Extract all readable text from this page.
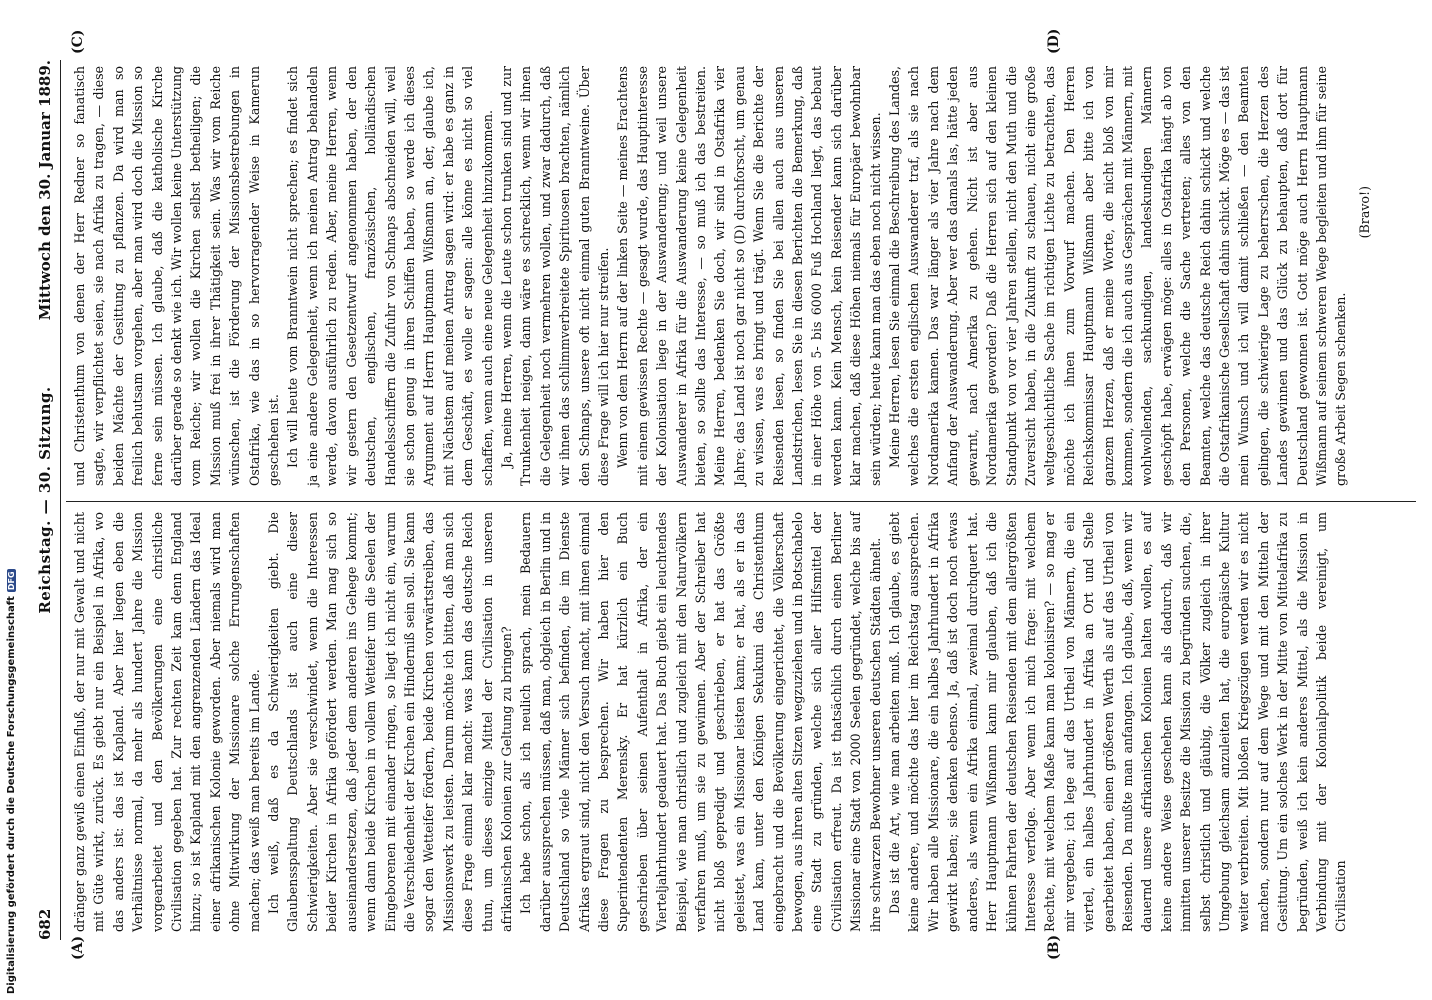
682
Reichstag. — 30. Sitzung.
Mittwoch den 30. Januar 1889.
(A)	(B)
(C)	(D)

dränger ganz gewiß einen Einfluß, der nur mit Gewalt und nicht mit Güte wirkt, zurück. Es giebt nur ein Beispiel in Afrika, wo das anders ist: das ist Kapland. Aber hier liegen eben die Verhältnisse normal, da mehr als hundert Jahre die Mission vorgearbeitet und den Bevölkerungen eine christliche Civilisation gegeben hat. Zur rechten Zeit kam denn England hinzu; so ist Kapland mit den angrenzenden Ländern das Ideal einer afrikanischen Kolonie geworden. Aber niemals wird man ohne Mitwirkung der Missionare solche Errungenschaften machen; das weiß man bereits im Lande. Ich weiß, daß es da Schwierigkeiten giebt. Die Glaubensspaltung Deutschlands ist auch eine dieser Schwierigkeiten. Aber sie verschwindet, wenn die Interessen beider Kirchen in Afrika gefördert werden. Man mag sich so auseinandersetzen, daß jeder dem anderen ins Gehege kommt; wenn dann beide Kirchen in vollem Wetteifer um die Seelen der Eingeborenen mit einander ringen, so liegt ich nicht ein, warum die Verschiedenheit der Kirchen ein Hinderniß sein soll. Sie kann sogar den Wetteifer fördern, beide Kirchen vorwärtstreiben, das Missionswerk zu leisten. Darum möchte ich bitten, daß man sich diese Frage einmal klar macht: was kann das deutsche Reich thun, um dieses einzige Mittel der Civilisation in unseren afrikanischen Kolonien zur Geltung zu bringen? Ich habe schon, als ich neulich sprach, mein Bedauern darüber aussprechen müssen, daß man, obgleich in Berlin und in Deutschland so viele Männer sich befinden, die im Dienste Afrikas ergraut sind, nicht den Versuch macht, mit ihnen einmal diese Fragen zu besprechen. Wir haben hier den Superintendenten Merensky. Er hat kürzlich ein Buch geschrieben über seinen Aufenthalt in Afrika, der ein Vierteljahrhundert gedauert hat. Das Buch giebt ein leuchtendes Beispiel, wie man christlich und zugleich mit den Naturvölkern verfahren muß, um sie zu gewinnen. Aber der Schreiber hat nicht bloß gepredigt und geschrieben, er hat das Größte geleistet, was ein Missionar leisten kann; er hat, als er in das Land kam, unter den Königen Sekukuni das Christenthum eingebracht und die Bevölkerung eingerichtet, die Völkerschaft bewogen, aus ihren alten Sitzen wegzuziehen und in Botschabelo eine Stadt zu gründen, welche sich aller Hilfsmittel der Civilisation erfreut. Da ist thatsächlich durch einen Berliner Missionar eine Stadt von 2000 Seelen gegründet, welche bis auf ihre schwarzen Bewohner unseren deutschen Städten ähnelt. Das ist die Art, wie man arbeiten muß. Ich glaube, es giebt keine andere, und möchte das hier im Reichstag aussprechen. Wir haben alle Missionare, die ein halbes Jahrhundert in Afrika gewirkt haben; sie denken ebenso. Ja, daß ist doch noch etwas anderes, als wenn ein Afrika einmal, zweimal durchquert hat. Herr Hauptmann Wißmann kann mir glauben, daß ich die kühnen Fahrten der deutschen Reisenden mit dem allergrößten Interesse verfolge. Aber wenn ich mich frage: mit welchem Rechte, mit welchem Maße kann man kolonisiren? — so mag er mir vergeben; ich lege auf das Urtheil von Männern, die ein viertel, ein halbes Jahrhundert in Afrika an Ort und Stelle gearbeitet haben, einen größeren Werth als auf das Urtheil von Reisenden. Da mußte man anfangen. Ich glaube, daß, wenn wir dauernd unsere afrikanischen Kolonien halten wollen, es auf keine andere Weise geschehen kann als dadurch, daß wir inmitten unserer Besitze die Mission zu begründen suchen, die, selbst christlich und gläubig, die Völker zugleich in ihrer Umgebung gleichsam anzuleiten hat, die europäische Kultur weiter verbreiten. Mit bloßen Kriegszügen werden wir es nicht machen, sondern nur auf dem Wege und mit den Mitteln der Gesittung. Um ein solches Werk in der Mitte von Mittelafrika zu begründen, weiß ich kein anderes Mittel, als die Mission in Verbindung mit der Kolonialpolitik beide vereinigt, um Civilisation

und Christenthum von denen der Herr Redner so fanatisch sagte, wir verpflichtet seien, sie nach Afrika zu tragen, — diese beiden Mächte der Gesittung zu pflanzen. Da wird man so freilich behutsam vorgehen, aber man wird doch die Mission so ferne sein müssen. Ich glaube, daß die katholische Kirche darüber gerade so denkt wie ich. Wir wollen keine Unterstützung vom Reiche; wir wollen die Kirchen selbst betheiligen; die Mission muß frei in ihrer Thätigkeit sein. Was wir vom Reiche wünschen, ist die Förderung der Missionsbestrebungen in Ostafrika, wie das in so hervorragender Weise in Kamerun geschehen ist. Ich will heute vom Branntwein nicht sprechen; es findet sich ja eine andere Gelegenheit, wenn ich meinen Antrag behandeln werde, davon ausführlich zu reden. Aber, meine Herren, wenn wir gestern den Gesetzentwurf angenommen haben, der den deutschen, englischen, französischen, holländischen Handelsschiffern die Zufuhr von Schnaps abschneiden will, weil sie schon genug in ihren Schiffen haben, so werde ich dieses Argument auf Herrn Hauptmann Wißmann an, der, glaube ich, mit Nächstem auf meinen Antrag sagen wird: er habe es ganz in dem Geschäft, es wolle er sagen: alle könne es nicht so viel schaffen, wenn auch eine neue Gelegenheit hinzukommen. Ja, meine Herren, wenn die Leute schon trunken sind und zur Trunkenheit neigen, dann wäre es schrecklich, wenn wir ihnen die Gelegenheit noch vermehren wollen, und zwar dadurch, daß wir ihnen das schlimmverbreitete Spirituosen brachten, nämlich den Schnaps, unsere oft nicht einmal guten Branntweine. Über diese Frage will ich hier nur streifen. Wenn von dem Herrn auf der linken Seite — meines Erachtens mit einem gewissen Rechte — gesagt wurde, das Hauptinteresse der Kolonisation liege in der Auswanderung; und weil unsere Auswanderer in Afrika für die Auswanderung keine Gelegenheit bieten, so sollte das Interesse, — so muß ich das bestreiten. Meine Herren, bedenken Sie doch, wir sind in Ostafrika vier Jahre; das Land ist noch gar nicht so (D) durchforscht, um genau zu wissen, was es bringt und trägt. Wenn Sie die Berichte der Reisenden lesen, so finden Sie bei allen auch aus unseren Landstrichen, lesen Sie in diesen Berichten die Bemerkung, daß in einer Höhe von 5- bis 6000 Fuß Hochland liegt, das bebaut werden kann. Kein Mensch, kein Reisender kann sich darüber klar machen, daß diese Höhen niemals für Europäer bewohnbar sein würden; heute kann man das eben noch nicht wissen. Meine Herren, lesen Sie einmal die Beschreibung des Landes, welches die ersten englischen Auswanderer traf, als sie nach Nordamerika kamen. Das war länger als vier Jahre nach dem Anfang der Auswanderung. Aber wer das damals las, hätte jeden gewarnt, nach Amerika zu gehen. Nicht ist aber aus Nordamerika geworden? Daß die Herren sich auf den kleinen Standpunkt von vor vier Jahren stellen, nicht den Muth und die Zuversicht haben, in die Zukunft zu schauen, nicht eine große weltgeschichtliche Sache im richtigen Lichte zu betrachten, das möchte ich ihnen zum Vorwurf machen. Den Herren Reichskommissar Hauptmann Wißmann aber bitte ich von ganzem Herzen, daß er meine Worte, die nicht bloß von mir kommen, sondern die ich auch aus Gesprächen mit Männern, mit wohlwollenden, sachkundigen, landeskundigen Männern geschöpft habe, erwägen möge: alles in Ostafrika hängt ab von den Personen, welche die Sache vertreten; alles von den Beamten, welche das deutsche Reich dahin schickt und welche die Ostafrikanische Gesellschaft dahin schickt. Möge es — das ist mein Wunsch und ich will damit schließen — den Beamten gelingen, die schwierige Lage zu beherrschen, die Herzen des Landes gewinnen und das Glück zu behaupten, daß dort für Deutschland gewonnen ist. Gott möge auch Herrn Hauptmann Wißmann auf seinem schweren Wege begleiten und ihm für seine große Arbeit Segen schenken.

(Bravo!)

Digitalisierung gefördert durch die Deutsche ForschungsgemeinschaftDFG
